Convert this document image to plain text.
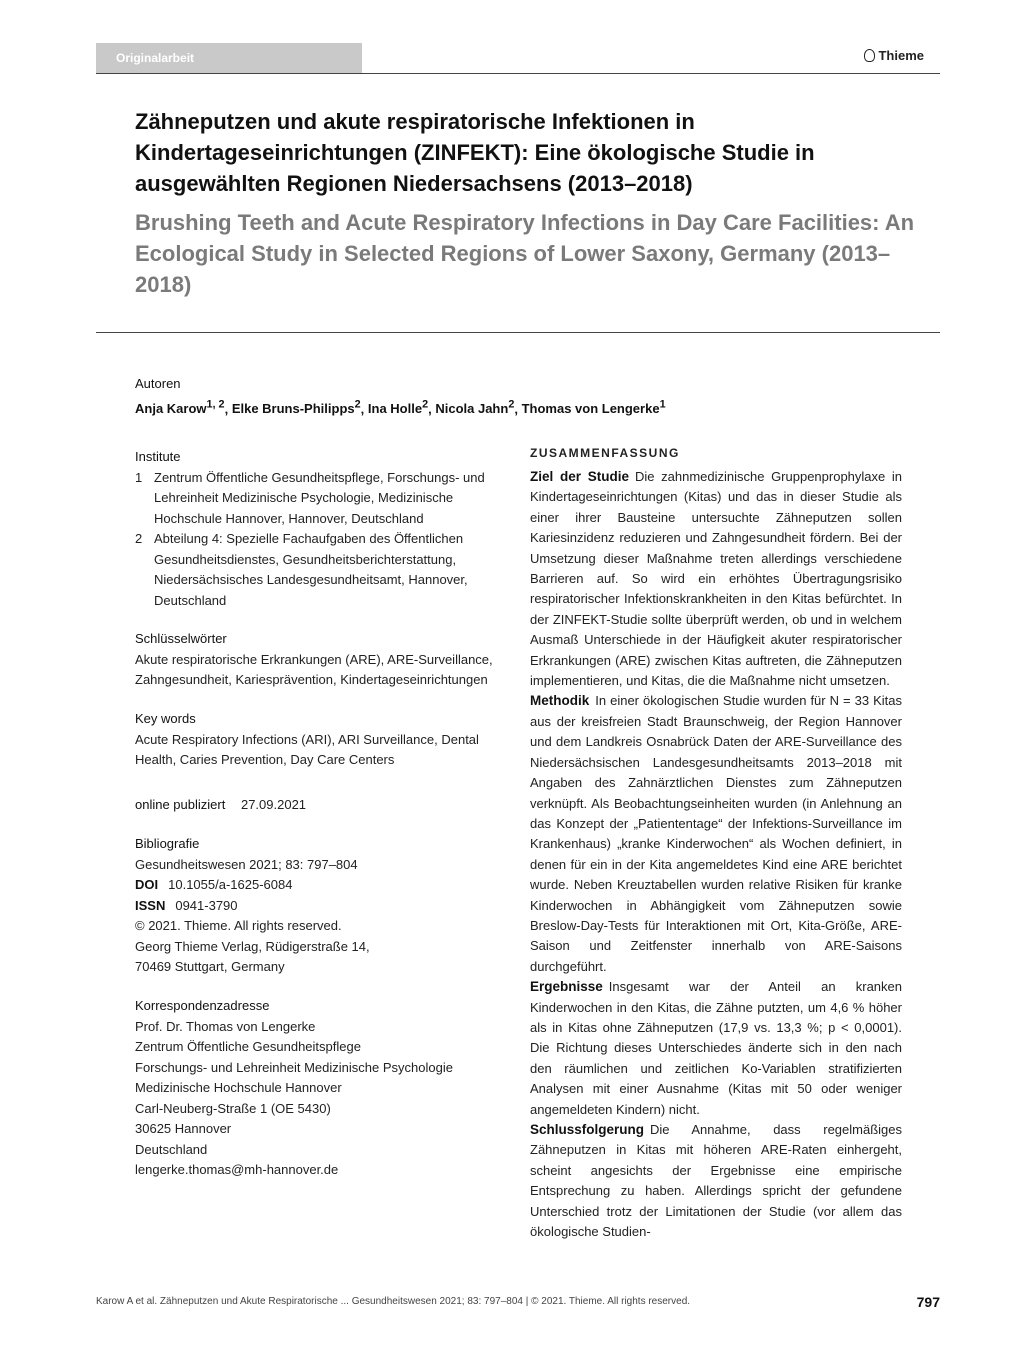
Originalarbeit	Thieme
Zähneputzen und akute respiratorische Infektionen in Kindertageseinrichtungen (ZINFEKT): Eine ökologische Studie in ausgewählten Regionen Niedersachsens (2013–2018)
Brushing Teeth and Acute Respiratory Infections in Day Care Facilities: An Ecological Study in Selected Regions of Lower Saxony, Germany (2013–2018)
Autoren
Anja Karow$^{1, 2}$, Elke Bruns-Philipps$^2$, Ina Holle$^2$, Nicola Jahn$^2$, Thomas von Lengerke$^1$
Institute
1 Zentrum Öffentliche Gesundheitspflege, Forschungs- und Lehreinheit Medizinische Psychologie, Medizinische Hochschule Hannover, Hannover, Deutschland
2 Abteilung 4: Spezielle Fachaufgaben des Öffentlichen Gesundheitsdienstes, Gesundheitsberichterstattung, Niedersächsisches Landesgesundheitsamt, Hannover, Deutschland
Schlüsselwörter
Akute respiratorische Erkrankungen (ARE), ARE-Surveillance, Zahngesundheit, Kariesprävention, Kindertageseinrichtungen
Key words
Acute Respiratory Infections (ARI), ARI Surveillance, Dental Health, Caries Prevention, Day Care Centers
online publiziert 27.09.2021
Bibliografie
Gesundheitswesen 2021; 83: 797–804
DOI 10.1055/a-1625-6084
ISSN 0941-3790
© 2021. Thieme. All rights reserved.
Georg Thieme Verlag, Rüdigerstraße 14,
70469 Stuttgart, Germany
Korrespondenzadresse
Prof. Dr. Thomas von Lengerke
Zentrum Öffentliche Gesundheitspflege
Forschungs- und Lehreinheit Medizinische Psychologie
Medizinische Hochschule Hannover
Carl-Neuberg-Straße 1 (OE 5430)
30625 Hannover
Deutschland
lengerke.thomas@mh-hannover.de
ZUSAMMENFASSUNG

Ziel der Studie Die zahnmedizinische Gruppenprophylaxe in Kindertageseinrichtungen (Kitas) und das in dieser Studie als einer ihrer Bausteine untersuchte Zähneputzen sollen Kariesinzidenz reduzieren und Zahngesundheit fördern. Bei der Umsetzung dieser Maßnahme treten allerdings verschiedene Barrieren auf. So wird ein erhöhtes Übertragungsrisiko respiratorischer Infektionskrankheiten in den Kitas befürchtet. In der ZINFEKT-Studie sollte überprüft werden, ob und in welchem Ausmaß Unterschiede in der Häufigkeit akuter respiratorischer Erkrankungen (ARE) zwischen Kitas auftreten, die Zähneputzen implementieren, und Kitas, die die Maßnahme nicht umsetzen.

Methodik In einer ökologischen Studie wurden für N = 33 Kitas aus der kreisfreien Stadt Braunschweig, der Region Hannover und dem Landkreis Osnabrück Daten der ARE-Surveillance des Niedersächsischen Landesgesundheitsamts 2013–2018 mit Angaben des Zahnärztlichen Dienstes zum Zähneputzen verknüpft. Als Beobachtungseinheiten wurden (in Anlehnung an das Konzept der „Patiententage“ der Infektions-Surveillance im Krankenhaus) „kranke Kinderwochen“ als Wochen definiert, in denen für ein in der Kita angemeldetes Kind eine ARE berichtet wurde. Neben Kreuztabellen wurden relative Risiken für kranke Kinderwochen in Abhängigkeit vom Zähneputzen sowie Breslow-Day-Tests für Interaktionen mit Ort, Kita-Größe, ARE-Saison und Zeitfenster innerhalb von ARE-Saisons durchgeführt.

Ergebnisse Insgesamt war der Anteil an kranken Kinderwochen in den Kitas, die Zähne putzten, um 4,6 % höher als in Kitas ohne Zähneputzen (17,9 vs. 13,3 %; p < 0,0001). Die Richtung dieses Unterschiedes änderte sich in den nach den räumlichen und zeitlichen Ko-Variablen stratifizierten Analysen mit einer Ausnahme (Kitas mit 50 oder weniger angemeldeten Kindern) nicht.

Schlussfolgerung Die Annahme, dass regelmäßiges Zähneputzen in Kitas mit höheren ARE-Raten einhergeht, scheint angesichts der Ergebnisse eine empirische Entsprechung zu haben. Allerdings spricht der gefundene Unterschied trotz der Limitationen der Studie (vor allem das ökologische Studien-

Karow A et al. Zähneputzen und Akute Respiratorische ... Gesundheitswesen 2021; 83: 797–804 | © 2021. Thieme. All rights reserved.	797
